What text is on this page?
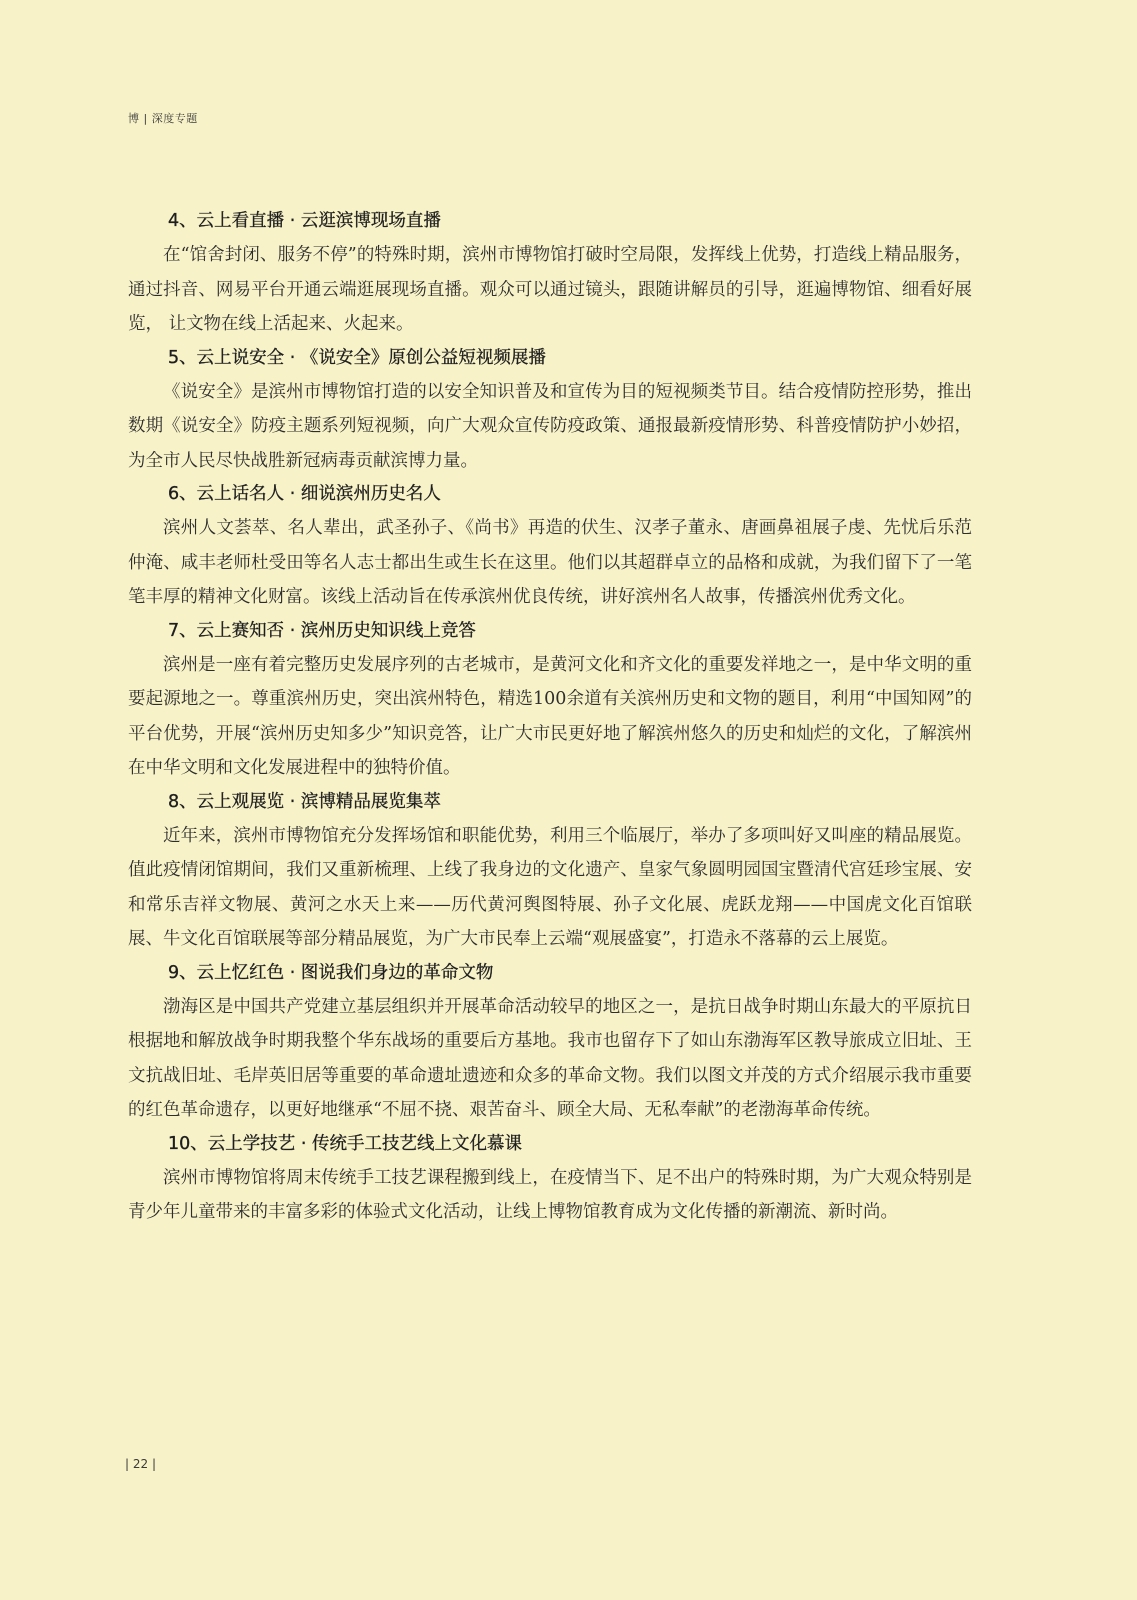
博 | 深度专题
4、云上看直播 · 云逛滨博现场直播

在“馆舍封闭、服务不停”的特殊时期，滨州市博物馆打破时空局限，发挥线上优势，打造线上精品服务，通过抖音、网易平台开通云端逛展现场直播。观众可以通过镜头，跟随讲解员的引导，逛遍博物馆、细看好展览， 让文物在线上活起来、火起来。

5、云上说安全 · 《说安全》原创公益短视频展播

《说安全》是滨州市博物馆打造的以安全知识普及和宣传为目的短视频类节目。结合疫情防控形势，推出数期《说安全》防疫主题系列短视频，向广大观众宣传防疫政策、通报最新疫情形势、科普疫情防护小妙招，为全市人民尽快战胜新冠病毒贡献滨博力量。

6、云上话名人 · 细说滨州历史名人

滨州人文荟萃、名人辈出，武圣孙子、《尚书》再造的伏生、汉孝子董永、唐画鼻祖展子虔、先忧后乐范仲淹、咸丰老师杜受田等名人志士都出生或生长在这里。他们以其超群卓立的品格和成就，为我们留下了一笔笔丰厚的精神文化财富。该线上活动旨在传承滨州优良传统，讲好滨州名人故事，传播滨州优秀文化。

7、云上赛知否 · 滨州历史知识线上竞答

滨州是一座有着完整历史发展序列的古老城市，是黄河文化和齐文化的重要发祥地之一，是中华文明的重要起源地之一。尊重滨州历史，突出滨州特色，精选100余道有关滨州历史和文物的题目，利用“中国知网”的平台优势，开展“滨州历史知多少”知识竞答，让广大市民更好地了解滨州悠久的历史和灿烂的文化，了解滨州在中华文明和文化发展进程中的独特价值。

8、云上观展览 · 滨博精品展览集萃

近年来，滨州市博物馆充分发挥场馆和职能优势，利用三个临展厅，举办了多项叫好又叫座的精品展览。值此疫情闭馆期间，我们又重新梳理、上线了我身边的文化遗产、皇家气象圆明园国宝暨清代宫廷珍宝展、安和常乐吉祥文物展、黄河之水天上来——历代黄河舆图特展、孙子文化展、虎跃龙翔——中国虎文化百馆联展、牛文化百馆联展等部分精品展览，为广大市民奉上云端“观展盛宴”，打造永不落幕的云上展览。

9、云上忆红色 · 图说我们身边的革命文物

渤海区是中国共产党建立基层组织并开展革命活动较早的地区之一，是抗日战争时期山东最大的平原抗日根据地和解放战争时期我整个华东战场的重要后方基地。我市也留存下了如山东渤海军区教导旅成立旧址、王文抗战旧址、毛岸英旧居等重要的革命遗址遗迹和众多的革命文物。我们以图文并茂的方式介绍展示我市重要的红色革命遗存，以更好地继承“不屈不挠、艰苦奋斗、顾全大局、无私奉献”的老渤海革命传统。

10、云上学技艺 · 传统手工技艺线上文化慕课

滨州市博物馆将周末传统手工技艺课程搬到线上，在疫情当下、足不出户的特殊时期，为广大观众特别是青少年儿童带来的丰富多彩的体验式文化活动，让线上博物馆教育成为文化传播的新潮流、新时尚。

| 22 |
